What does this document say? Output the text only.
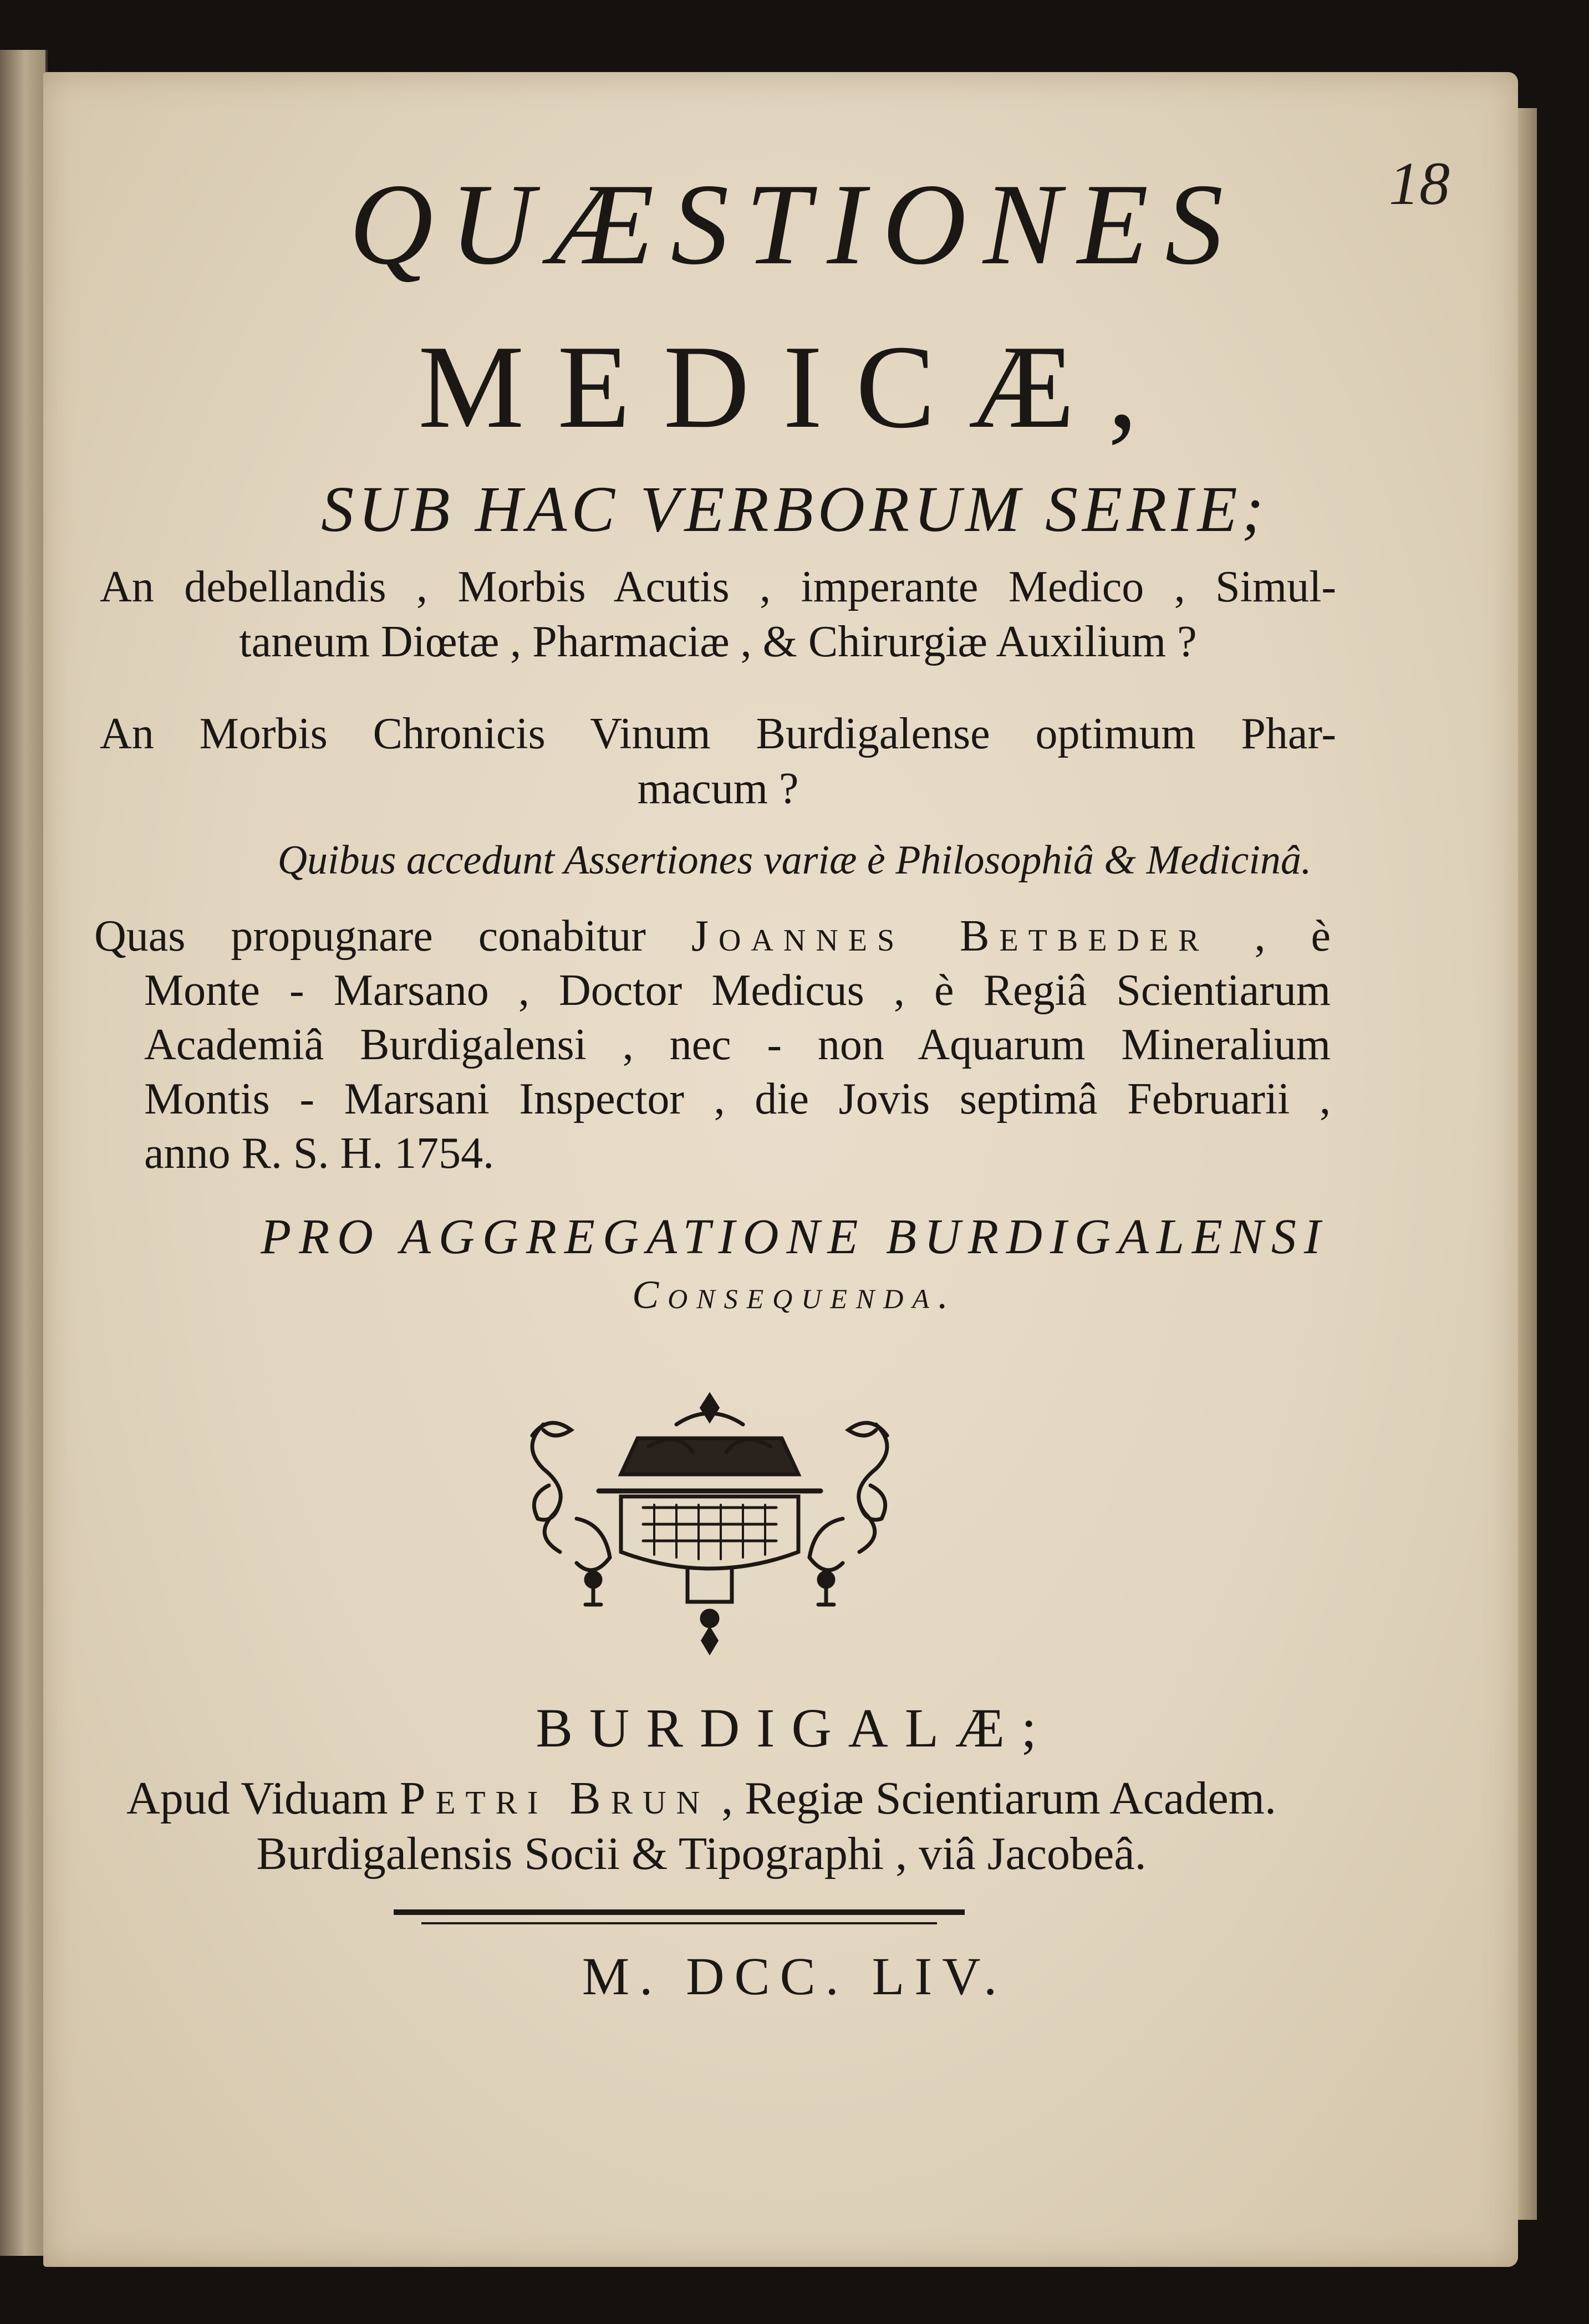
18
QUÆSTIONES
MEDICÆ,
SUB HAC VERBORUM SERIE;
An debellandis , Morbis Acutis , imperante Medico , Simul-
taneum Diœtæ , Pharmaciæ , & Chirurgiæ Auxilium ?
An Morbis Chronicis Vinum Burdigalense optimum Phar-
macum ?
Quibus accedunt Assertiones variæ è Philosophiâ & Medicinâ.
Quas propugnare conabitur Joannes Betbeder , è
Monte - Marsano , Doctor Medicus , è Regiâ Scientiarum
Academiâ Burdigalensi , nec - non Aquarum Mineralium
Montis - Marsani Inspector , die Jovis septimâ Februarii ,
anno R. S. H. 1754.
PRO AGGREGATIONE BURDIGALENSI
Consequenda.
BURDIGALÆ;
Apud Viduam Petri Brun , Regiæ Scientiarum Academ.
Burdigalensis Socii & Tipographi , viâ Jacobeâ.
M. DCC. LIV.
